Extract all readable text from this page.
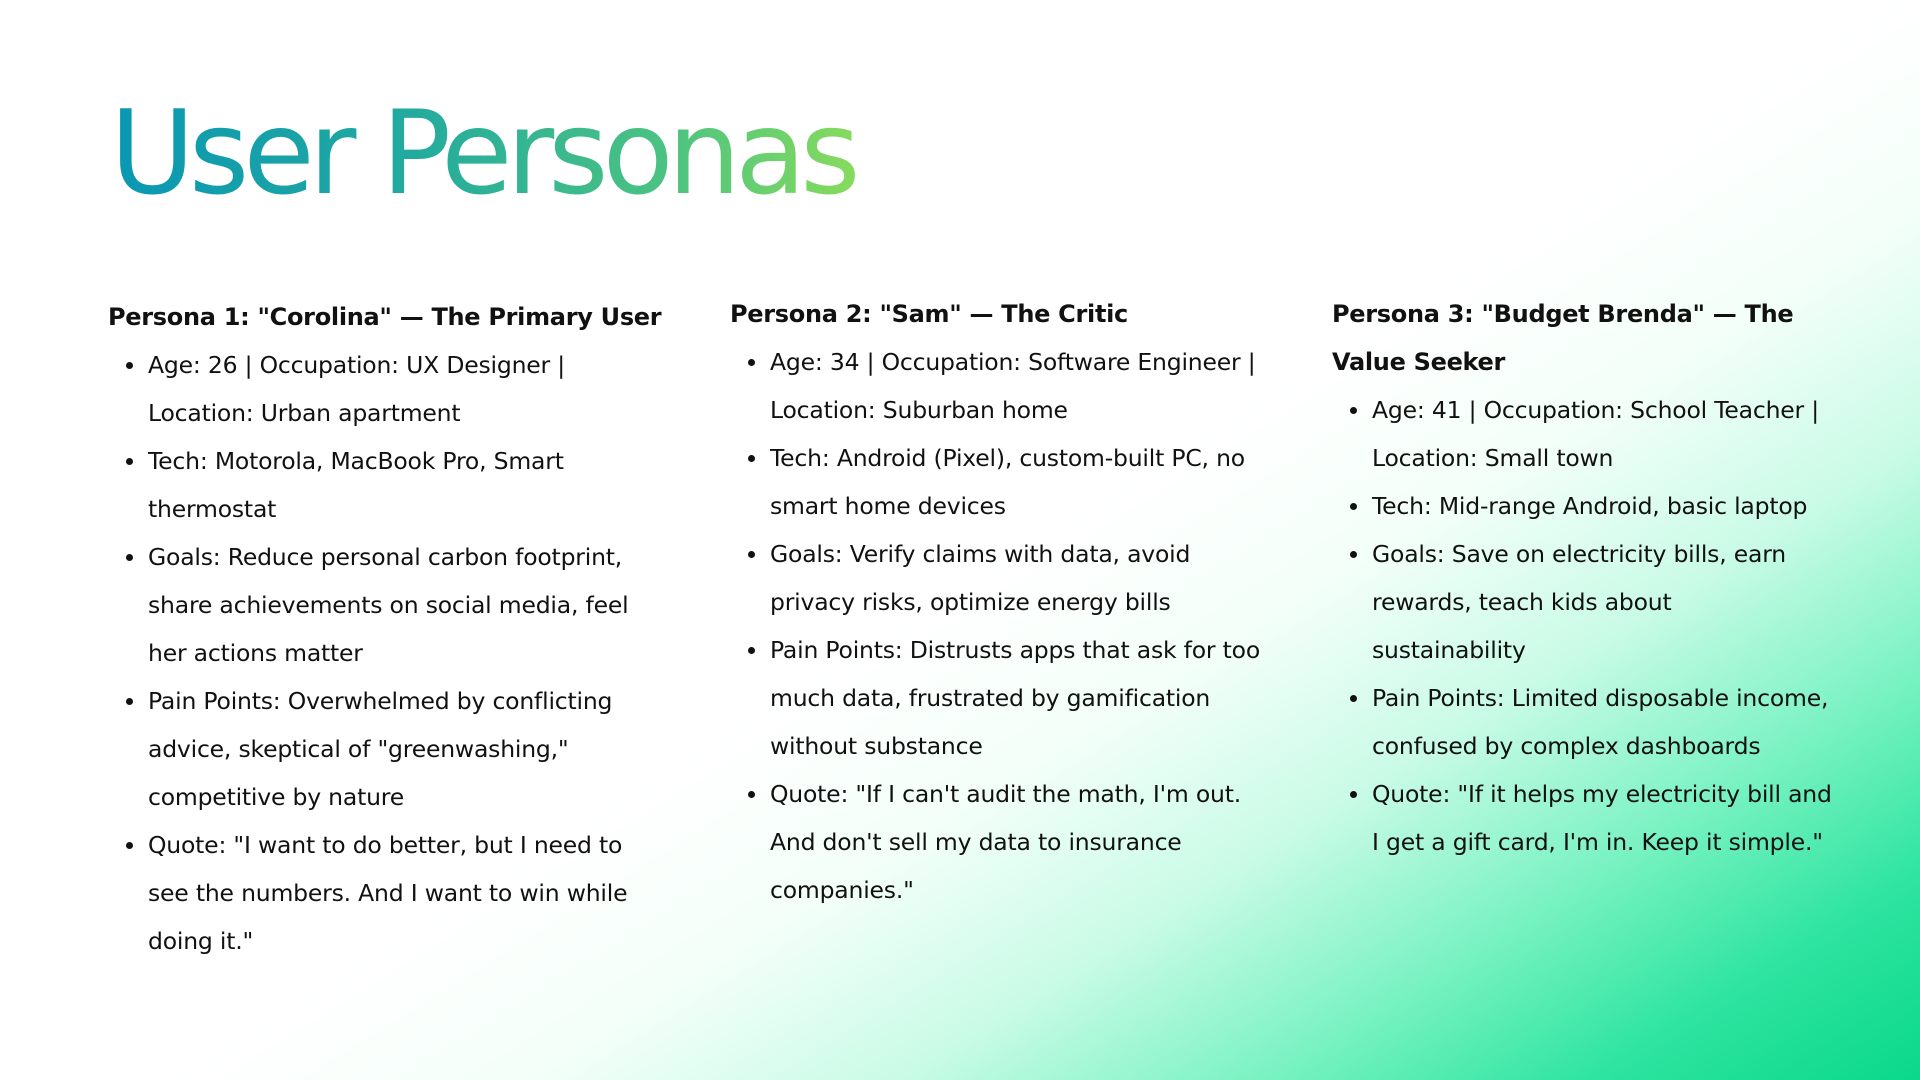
User Personas
Persona 1: "Corolina" — The Primary User
Age: 26 | Occupation: UX Designer | Location: Urban apartment
Tech: Motorola, MacBook Pro, Smart thermostat
Goals: Reduce personal carbon footprint, share achievements on social media, feel her actions matter
Pain Points: Overwhelmed by conflicting advice, skeptical of "greenwashing," competitive by nature
Quote: "I want to do better, but I need to see the numbers. And I want to win while doing it."
Persona 2: "Sam" — The Critic
Age: 34 | Occupation: Software Engineer | Location: Suburban home
Tech: Android (Pixel), custom-built PC, no smart home devices
Goals: Verify claims with data, avoid privacy risks, optimize energy bills
Pain Points: Distrusts apps that ask for too much data, frustrated by gamification without substance
Quote: "If I can't audit the math, I'm out. And don't sell my data to insurance companies."
Persona 3: "Budget Brenda" — The Value Seeker
Age: 41 | Occupation: School Teacher | Location: Small town
Tech: Mid-range Android, basic laptop
Goals: Save on electricity bills, earn rewards, teach kids about sustainability
Pain Points: Limited disposable income, confused by complex dashboards
Quote: "If it helps my electricity bill and I get a gift card, I'm in. Keep it simple."
